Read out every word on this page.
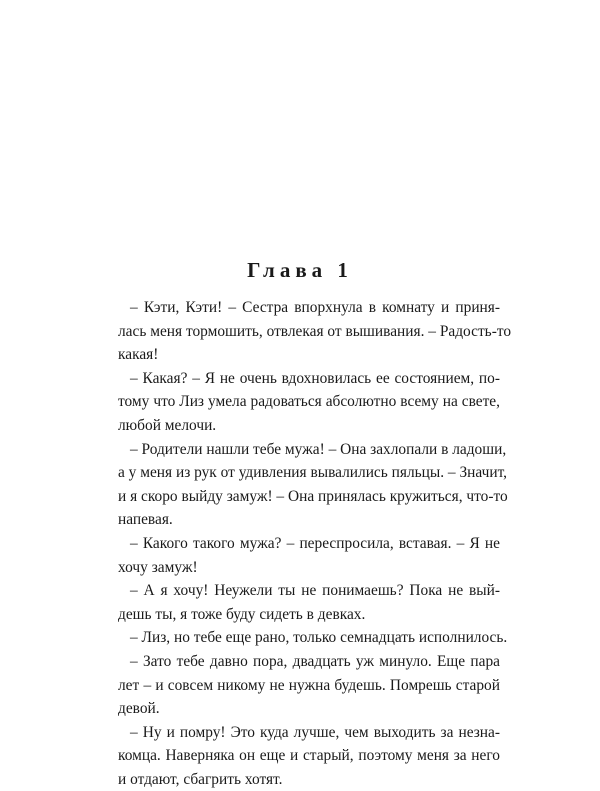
Глава 1
– Кэти, Кэти! – Сестра впорхнула в комнату и приня-
лась меня тормошить, отвлекая от вышивания. – Радость-то
какая!
– Какая? – Я не очень вдохновилась ее состоянием, по-
тому что Лиз умела радоваться абсолютно всему на свете,
любой мелочи.
– Родители нашли тебе мужа! – Она захлопали в ладоши,
а у меня из рук от удивления вывалились пяльцы. – Значит,
и я скоро выйду замуж! – Она принялась кружиться, что-то
напевая.
– Какого такого мужа? – переспросила, вставая. – Я не
хочу замуж!
– А я хочу! Неужели ты не понимаешь? Пока не вый-
дешь ты, я тоже буду сидеть в девках.
– Лиз, но тебе еще рано, только семнадцать исполнилось.
– Зато тебе давно пора, двадцать уж минуло. Еще пара
лет – и совсем никому не нужна будешь. Помрешь старой
девой.
– Ну и помру! Это куда лучше, чем выходить за незна-
комца. Наверняка он еще и старый, поэтому меня за него
и отдают, сбагрить хотят.
